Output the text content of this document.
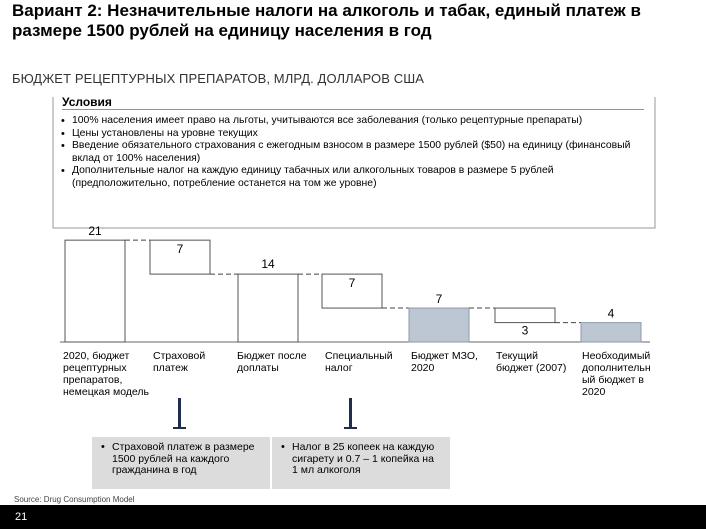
Вариант 2: Незначительные налоги на алкоголь и табак, единый платеж в размере 1500 рублей на единицу населения в год
БЮДЖЕТ РЕЦЕПТУРНЫХ ПРЕПАРАТОВ, МЛРД. ДОЛЛАРОВ США
Условия
• 100% населения имеет право на льготы, учитываются все заболевания (только рецептурные препараты)
• Цены установлены на уровне текущих
• Введение обязательного страхования с ежегодным взносом в размере 1500 рублей ($50) на единицу (финансовый вклад от 100% населения)
• Дополнительные налог на каждую единицу табачных или алкогольных товаров в размере 5 рублей (предположительно, потребление останется на том же уровне)
21
7
14
7
7
3
4
2020, бюджет рецептурных препаратов, немецкая модель
Страховой платеж
Бюджет после доплаты
Специальный налог
Бюджет МЗО, 2020
Текущий бюджет (2007)
Необходимый дополнительн ый бюджет в 2020
• Страховой платеж в размере 1500 рублей на каждого гражданина в год
• Налог в 25 копеек на каждую сигарету и 0.7 – 1 копейка на 1 мл алкоголя
Source: Drug Consumption Model
21
